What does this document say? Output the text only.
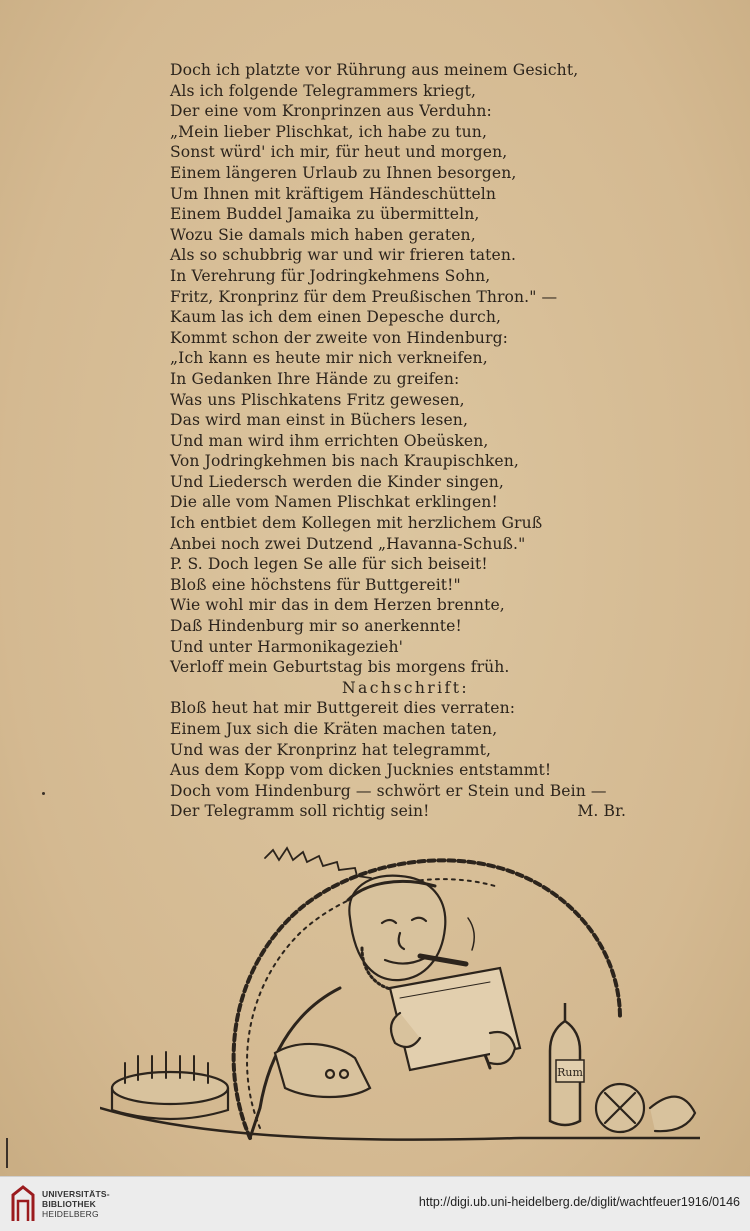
Doch ich platzte vor Rührung aus meinem Gesicht,
Als ich folgende Telegrammers kriegt,
Der eine vom Kronprinzen aus Verduhn:
„Mein lieber Plischkat, ich habe zu tun,
Sonst würd' ich mir, für heut und morgen,
Einem längeren Urlaub zu Ihnen besorgen,
Um Ihnen mit kräftigem Händeschütteln
Einem Buddel Jamaika zu übermitteln,
Wozu Sie damals mich haben geraten,
Als so schubbrig war und wir frieren taten.
In Verehrung für Jodringkehmens Sohn,
Fritz, Kronprinz für dem Preußischen Thron." —
Kaum las ich dem einen Depesche durch,
Kommt schon der zweite von Hindenburg:
„Ich kann es heute mir nich verkneifen,
In Gedanken Ihre Hände zu greifen:
Was uns Plischkatens Fritz gewesen,
Das wird man einst in Büchers lesen,
Und man wird ihm errichten Obeüsken,
Von Jodringkehmen bis nach Kraupischken,
Und Liedersch werden die Kinder singen,
Die alle vom Namen Plischkat erklingen!
Ich entbiet dem Kollegen mit herzlichem Gruß
Anbei noch zwei Dutzend „Havanna-Schuß."
P. S. Doch legen Se alle für sich beiseit!
Bloß eine höchstens für Buttgereit!"
Wie wohl mir das in dem Herzen brennte,
Daß Hindenburg mir so anerkennte!
Und unter Harmonikagezieh'
Verloff mein Geburtstag bis morgens früh.
Nachschrift:
Bloß heut hat mir Buttgereit dies verraten:
Einem Jux sich die Kräten machen taten,
Und was der Kronprinz hat telegrammt,
Aus dem Kopp vom dicken Jucknies entstammt!
Doch vom Hindenburg — schwört er Stein und Bein —
Der Telegramm soll richtig sein!	M. Br.
Rum
UNIVERSITÄTS-
BIBLIOTHEK
HEIDELBERG
http://digi.ub.uni-heidelberg.de/diglit/wachtfeuer1916/0146
